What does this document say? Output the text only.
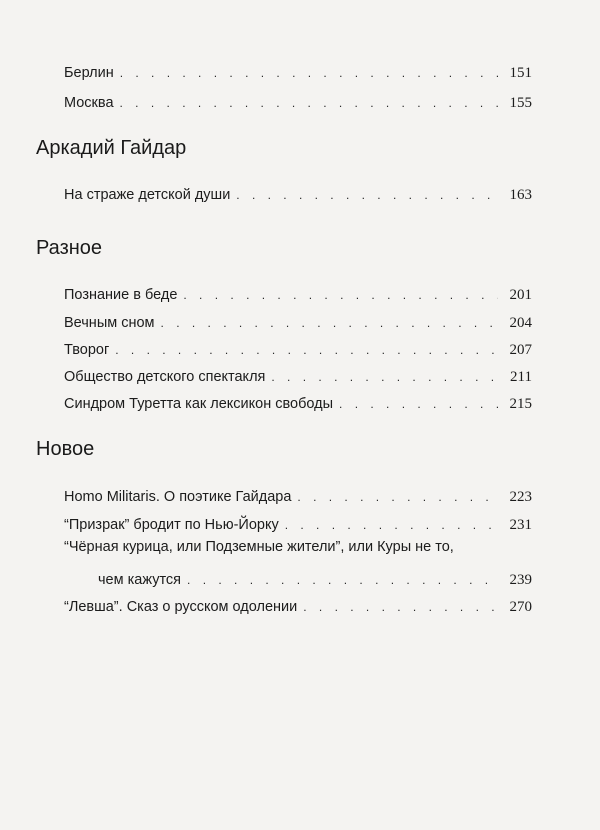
Берлин . . .	151
Москва . . .	155
Аркадий Гайдар
На страже детской души . . .	163
Разное
Познание в беде . . .	201
Вечным сном . . .	204
Творог . . .	207
Общество детского спектакля . . .	211
Синдром Туретта как лексикон свободы . . .	215
Новое
Homo Militaris. О поэтике Гайдара . . .	223
“Призрак” бродит по Нью-Йорку . . .	231
“Чёрная курица, или Подземные жители”, или Куры не то,
чем кажутся . . .	239
“Левша”. Сказ о русском одолении . . .	270
